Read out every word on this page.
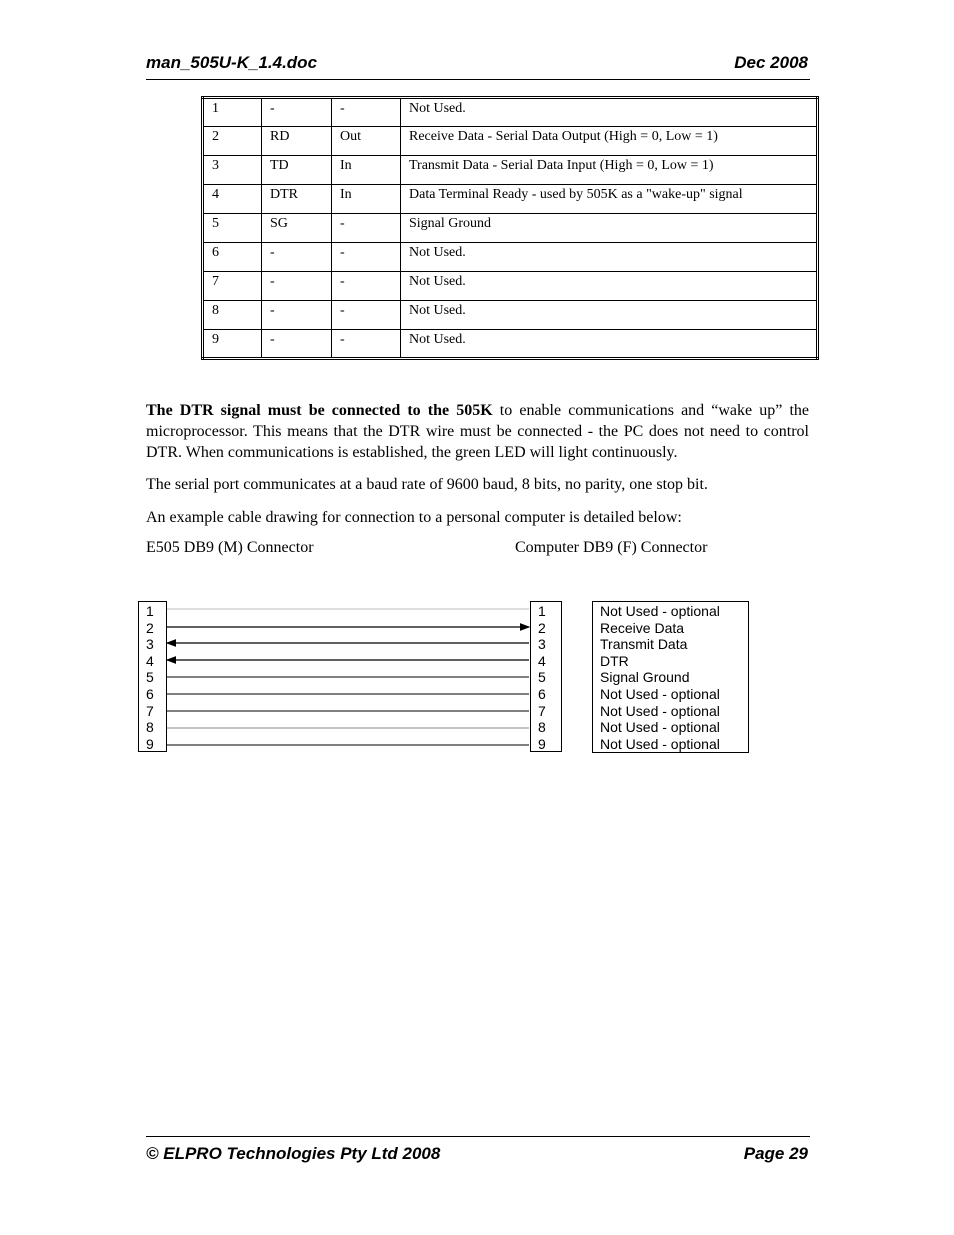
man_505U-K_1.4.doc	Dec 2008
1	-	-	Not Used.
2	RD	Out	Receive Data - Serial Data Output (High = 0, Low = 1)
3	TD	In	Transmit Data - Serial Data Input (High = 0, Low = 1)
4	DTR	In	Data Terminal Ready - used by 505K as a "wake-up" signal
5	SG	-	Signal Ground
6	-	-	Not Used.
7	-	-	Not Used.
8	-	-	Not Used.
9	-	-	Not Used.
The DTR signal must be connected to the 505K to enable communications and “wake up” the microprocessor. This means that the DTR wire must be connected - the PC does not need to control DTR. When communications is established, the green LED will light continuously.
The serial port communicates at a baud rate of 9600 baud, 8 bits, no parity, one stop bit.
An example cable drawing for connection to a personal computer is detailed below:
E505 DB9 (M) Connector	Computer DB9 (F) Connector
1
2
3
4
5
6
7
8
9
1
2
3
4
5
6
7
8
9
Not Used - optional
Receive Data
Transmit Data
DTR
Signal Ground
Not Used - optional
Not Used - optional
Not Used - optional
Not Used - optional
© ELPRO Technologies Pty Ltd 2008	Page 29
